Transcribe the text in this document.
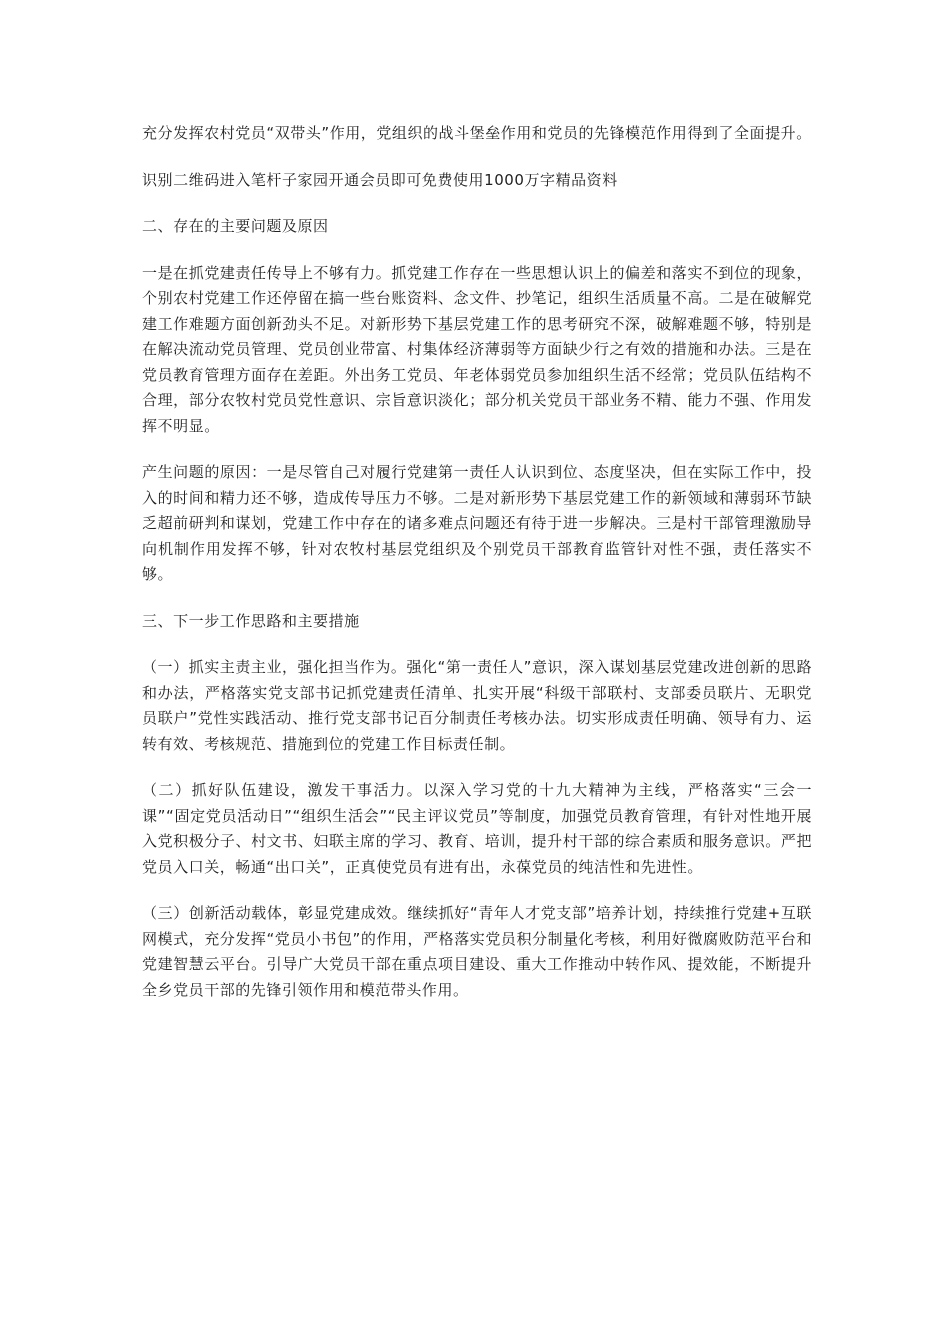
充分发挥农村党员“双带头”作用，党组织的战斗堡垒作用和党员的先锋模范作用得到了全面提升。

识别二维码进入笔杆子家园开通会员即可免费使用1000万字精品资料

二、存在的主要问题及原因

一是在抓党建责任传导上不够有力。抓党建工作存在一些思想认识上的偏差和落实不到位的现象，个别农村党建工作还停留在搞一些台账资料、念文件、抄笔记，组织生活质量不高。二是在破解党建工作难题方面创新劲头不足。对新形势下基层党建工作的思考研究不深，破解难题不够，特别是在解决流动党员管理、党员创业带富、村集体经济薄弱等方面缺少行之有效的措施和办法。三是在党员教育管理方面存在差距。外出务工党员、年老体弱党员参加组织生活不经常；党员队伍结构不合理，部分农牧村党员党性意识、宗旨意识淡化；部分机关党员干部业务不精、能力不强、作用发挥不明显。

产生问题的原因：一是尽管自己对履行党建第一责任人认识到位、态度坚决，但在实际工作中，投入的时间和精力还不够，造成传导压力不够。二是对新形势下基层党建工作的新领域和薄弱环节缺乏超前研判和谋划，党建工作中存在的诸多难点问题还有待于进一步解决。三是村干部管理激励导向机制作用发挥不够，针对农牧村基层党组织及个别党员干部教育监管针对性不强，责任落实不够。

三、下一步工作思路和主要措施

（一）抓实主责主业，强化担当作为。强化“第一责任人”意识，深入谋划基层党建改进创新的思路和办法，严格落实党支部书记抓党建责任清单、扎实开展“科级干部联村、支部委员联片、无职党员联户”党性实践活动、推行党支部书记百分制责任考核办法。切实形成责任明确、领导有力、运转有效、考核规范、措施到位的党建工作目标责任制。

（二）抓好队伍建设，激发干事活力。以深入学习党的十九大精神为主线，严格落实“三会一课”“固定党员活动日”“组织生活会”“民主评议党员”等制度，加强党员教育管理，有针对性地开展入党积极分子、村文书、妇联主席的学习、教育、培训，提升村干部的综合素质和服务意识。严把党员入口关，畅通“出口关”，正真使党员有进有出，永葆党员的纯洁性和先进性。

（三）创新活动载体，彰显党建成效。继续抓好“青年人才党支部”培养计划，持续推行党建+互联网模式，充分发挥“党员小书包”的作用，严格落实党员积分制量化考核，利用好微腐败防范平台和党建智慧云平台。引导广大党员干部在重点项目建设、重大工作推动中转作风、提效能，不断提升全乡党员干部的先锋引领作用和模范带头作用。
